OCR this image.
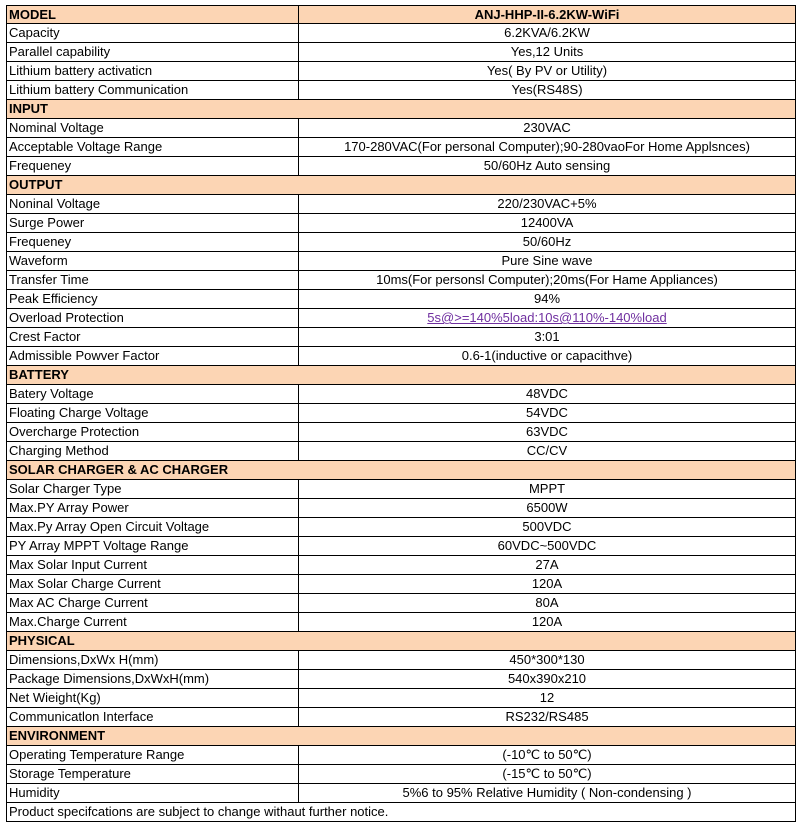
MODEL	ANJ-HHP-II-6.2KW-WiFi
Capacity	6.2KVA/6.2KW
Parallel capability	Yes,12 Units
Lithium battery activaticn	Yes( By PV or Utility)
Lithium battery Communication	Yes(RS48S)
INPUT
Nominal Voltage	230VAC
Acceptable Voltage Range	170-280VAC(For personal Computer);90-280vaoFor Home Applsnces)
Frequeney	50/60Hz Auto sensing
OUTPUT
Noninal Voltage	220/230VAC+5%
Surge Power	12400VA
Frequeney	50/60Hz
Waveform	Pure Sine wave
Transfer Time	10ms(For personsl Computer);20ms(For Hame Appliances)
Peak Efficiency	94%
Overload Protection	5s@>=140%5load:10s@110%-140%load
Crest Factor	3:01
Admissible Powver Factor	0.6-1(inductive or capacithve)
BATTERY
Batery Voltage	48VDC
Floating Charge Voltage	54VDC
Overcharge Protection	63VDC
Charging Method	CC/CV
SOLAR CHARGER & AC CHARGER
Solar Charger Type	MPPT
Max.PY Array Power	6500W
Max.Py Array Open Circuit Voltage	500VDC
PY Array MPPT Voltage Range	60VDC~500VDC
Max Solar Input Current	27A
Max Solar Charge Current	120A
Max AC Charge Current	80A
Max.Charge Current	120A
PHYSICAL
Dimensions,DxWx H(mm)	450*300*130
Package Dimensions,DxWxH(mm)	540x390x210
Net Wieight(Kg)	12
Communicatlon Interface	RS232/RS485
ENVIRONMENT
Operating Temperature Range	(-10℃ to 50℃)
Storage Temperature	(-15℃ to 50℃)
Humidity	5%6 to 95% Relative Humidity ( Non-condensing )
Product specifcations are subject to change withaut further notice.
